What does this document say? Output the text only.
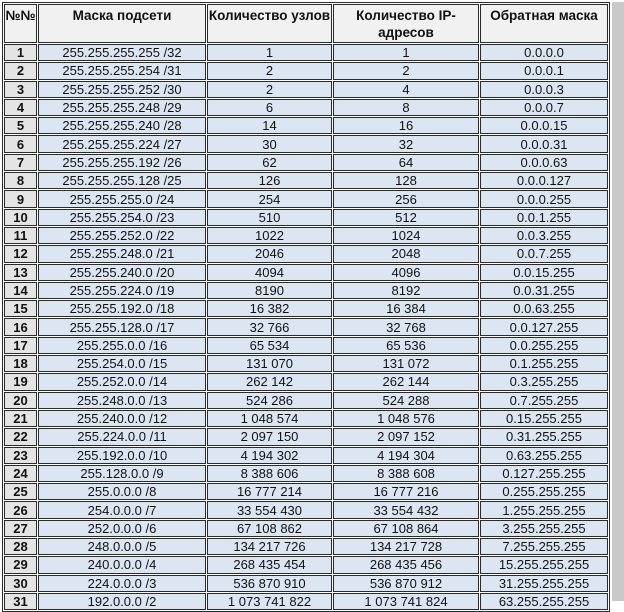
№№	Маска подсети	Количество узлов	Количество IP-адресов	Обратная маска
1	255.255.255.255 /32	1	1	0.0.0.0
2	255.255.255.254 /31	2	2	0.0.0.1
3	255.255.255.252 /30	2	4	0.0.0.3
4	255.255.255.248 /29	6	8	0.0.0.7
5	255.255.255.240 /28	14	16	0.0.0.15
6	255.255.255.224 /27	30	32	0.0.0.31
7	255.255.255.192 /26	62	64	0.0.0.63
8	255.255.255.128 /25	126	128	0.0.0.127
9	255.255.255.0 /24	254	256	0.0.0.255
10	255.255.254.0 /23	510	512	0.0.1.255
11	255.255.252.0 /22	1022	1024	0.0.3.255
12	255.255.248.0 /21	2046	2048	0.0.7.255
13	255.255.240.0 /20	4094	4096	0.0.15.255
14	255.255.224.0 /19	8190	8192	0.0.31.255
15	255.255.192.0 /18	16 382	16 384	0.0.63.255
16	255.255.128.0 /17	32 766	32 768	0.0.127.255
17	255.255.0.0 /16	65 534	65 536	0.0.255.255
18	255.254.0.0 /15	131 070	131 072	0.1.255.255
19	255.252.0.0 /14	262 142	262 144	0.3.255.255
20	255.248.0.0 /13	524 286	524 288	0.7.255.255
21	255.240.0.0 /12	1 048 574	1 048 576	0.15.255.255
22	255.224.0.0 /11	2 097 150	2 097 152	0.31.255.255
23	255.192.0.0 /10	4 194 302	4 194 304	0.63.255.255
24	255.128.0.0 /9	8 388 606	8 388 608	0.127.255.255
25	255.0.0.0 /8	16 777 214	16 777 216	0.255.255.255
26	254.0.0.0 /7	33 554 430	33 554 432	1.255.255.255
27	252.0.0.0 /6	67 108 862	67 108 864	3.255.255.255
28	248.0.0.0 /5	134 217 726	134 217 728	7.255.255.255
29	240.0.0.0 /4	268 435 454	268 435 456	15.255.255.255
30	224.0.0.0 /3	536 870 910	536 870 912	31.255.255.255
31	192.0.0.0 /2	1 073 741 822	1 073 741 824	63.255.255.255
